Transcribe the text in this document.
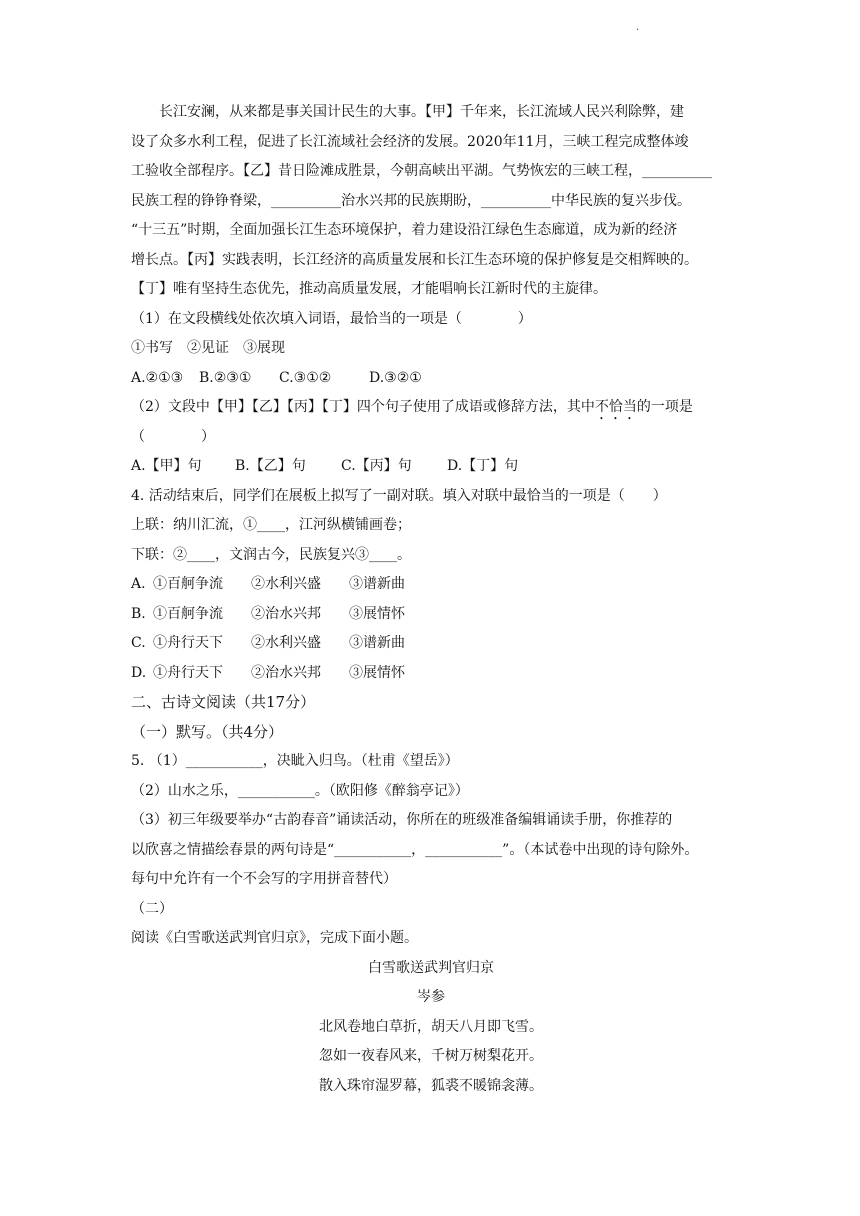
.
长江安澜，从来都是事关国计民生的大事。【甲】千年来，长江流域人民兴利除弊，建
设了众多水利工程，促进了长江流域社会经济的发展。2020年11月，三峡工程完成整体竣
工验收全部程序。【乙】昔日险滩成胜景，今朝高峡出平湖。气势恢宏的三峡工程，__________
民族工程的铮铮脊梁，__________治水兴邦的民族期盼，__________中华民族的复兴步伐。
“十三五”时期，全面加强长江生态环境保护，着力建设沿江绿色生态廊道，成为新的经济
增长点。【丙】实践表明，长江经济的高质量发展和长江生态环境的保护修复是交相辉映的。
【丁】唯有坚持生态优先，推动高质量发展，才能唱响长江新时代的主旋律。
（1）在文段横线处依次填入词语，最恰当的一项是（　　　　）
①书写　②见证　③展现
A.②①③ B.②③① C.③①②	D.③②①
（2）文段中【甲】【乙】【丙】【丁】四个句子使用了成语或修辞方法，其中不恰当的一项是
（　　　　）
A.【甲】句 B.【乙】句	C.【丙】句	D.【丁】句
4. 活动结束后，同学们在展板上拟写了一副对联。填入对联中最恰当的一项是（　　）
上联：纳川汇流，①____，江河纵横铺画卷；
下联：②____，文润古今，民族复兴③____。
A. ①百舸争流 ②水利兴盛 ③谱新曲
B. ①百舸争流 ②治水兴邦 ③展情怀
C. ①舟行天下 ②水利兴盛 ③谱新曲
D. ①舟行天下 ②治水兴邦 ③展情怀
二、古诗文阅读（共17分）
（一）默写。（共4分）
5. （1）___________，决眦入归鸟。（杜甫《望岳》）
（2）山水之乐，___________。（欧阳修《醉翁亭记》）
（3）初三年级要举办“古韵春音”诵读活动，你所在的班级准备编辑诵读手册，你推荐的
以欣喜之情描绘春景的两句诗是“___________，___________”。（本试卷中出现的诗句除外。
每句中允许有一个不会写的字用拼音替代）
（二）
阅读《白雪歌送武判官归京》，完成下面小题。
白雪歌送武判官归京
岑参
北风卷地白草折，胡天八月即飞雪。
忽如一夜春风来，千树万树梨花开。
散入珠帘湿罗幕，狐裘不暖锦衾薄。
